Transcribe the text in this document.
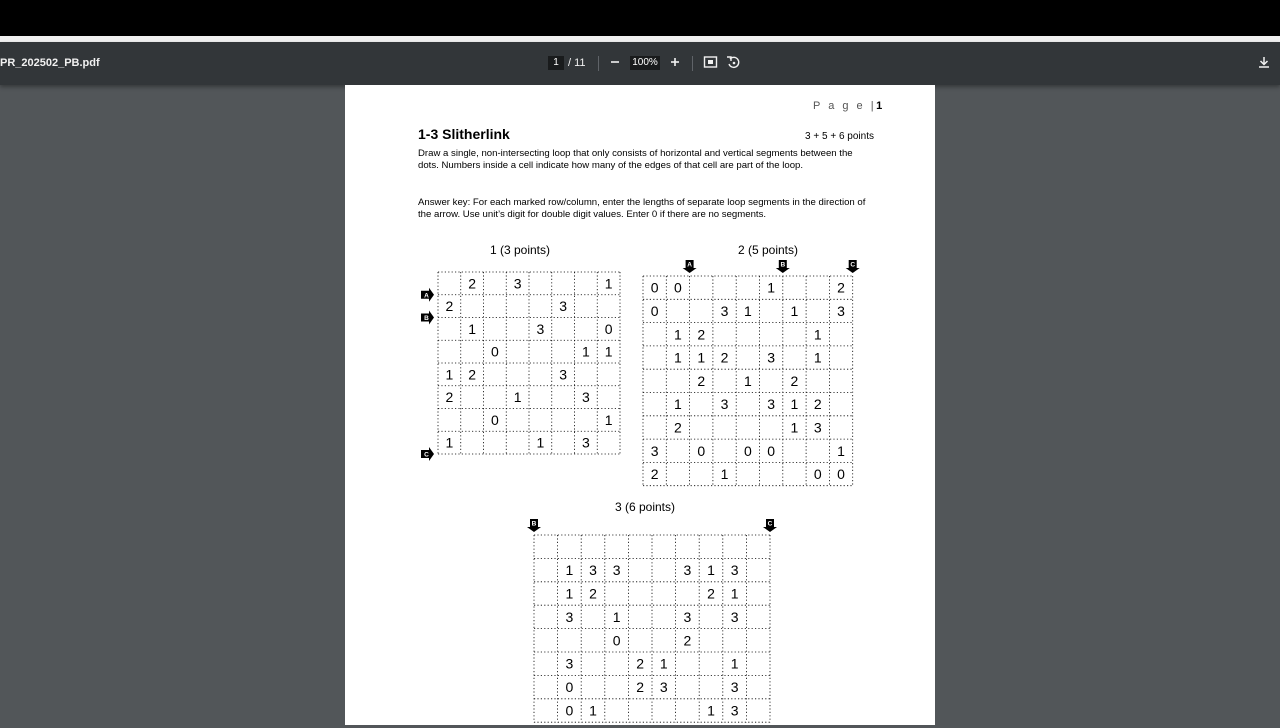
PR_202502_PB.pdf	1 / 11	100%
P a g e |1
1-3 Slitherlink	3 + 5 + 6 points
Draw a single, non-intersecting loop that only consists of horizontal and vertical segments between the dots. Numbers inside a cell indicate how many of the edges of that cell are part of the loop.
Answer key: For each marked row/column, enter the lengths of separate loop segments in the direction of the arrow. Use unit’s digit for double digit values. Enter 0 if there are no segments.
1 (3 points)
2	3	1
2	3
1	3	0
0	1 1
1 2	3
2	1	3
0	1
1	1	3
A
B
C
2 (5 points)
0 0	1	2
0	3 1	1	3
1 2	1
1 1 2	3	1
2	1	2
1	3	3 1 2
2	1 3
3	0	0 0	1
2	1	0 0
A	B	C
3 (6 points)
1 3 3	3 1 3
1 2	2 1
3	1	3	3
0	2
3	2 1	1
0	2 3	3
0 1	1 3
B	C
